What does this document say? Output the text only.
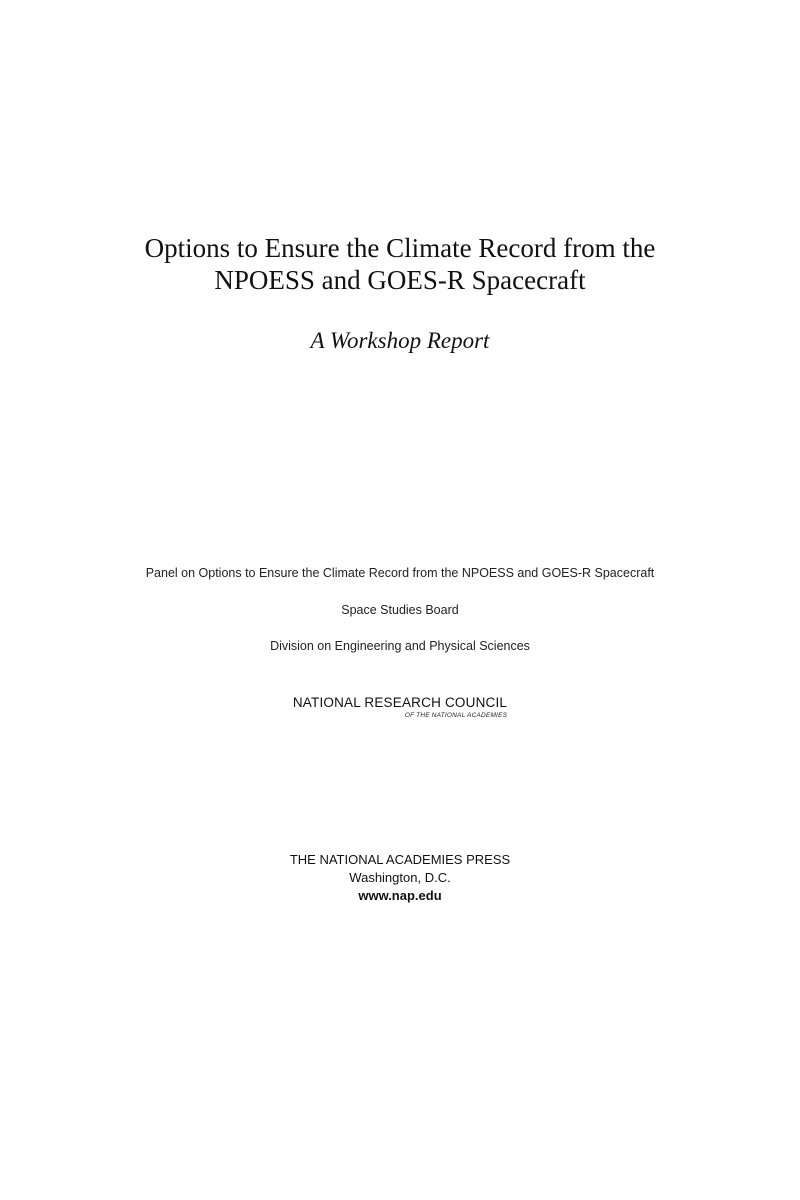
Options to Ensure the Climate Record from the
NPOESS and GOES-R Spacecraft
A Workshop Report
Panel on Options to Ensure the Climate Record from the NPOESS and GOES-R Spacecraft
Space Studies Board
Division on Engineering and Physical Sciences
NATIONAL RESEARCH COUNCIL
OF THE NATIONAL ACADEMIES
THE NATIONAL ACADEMIES PRESS
Washington, D.C.
www.nap.edu
